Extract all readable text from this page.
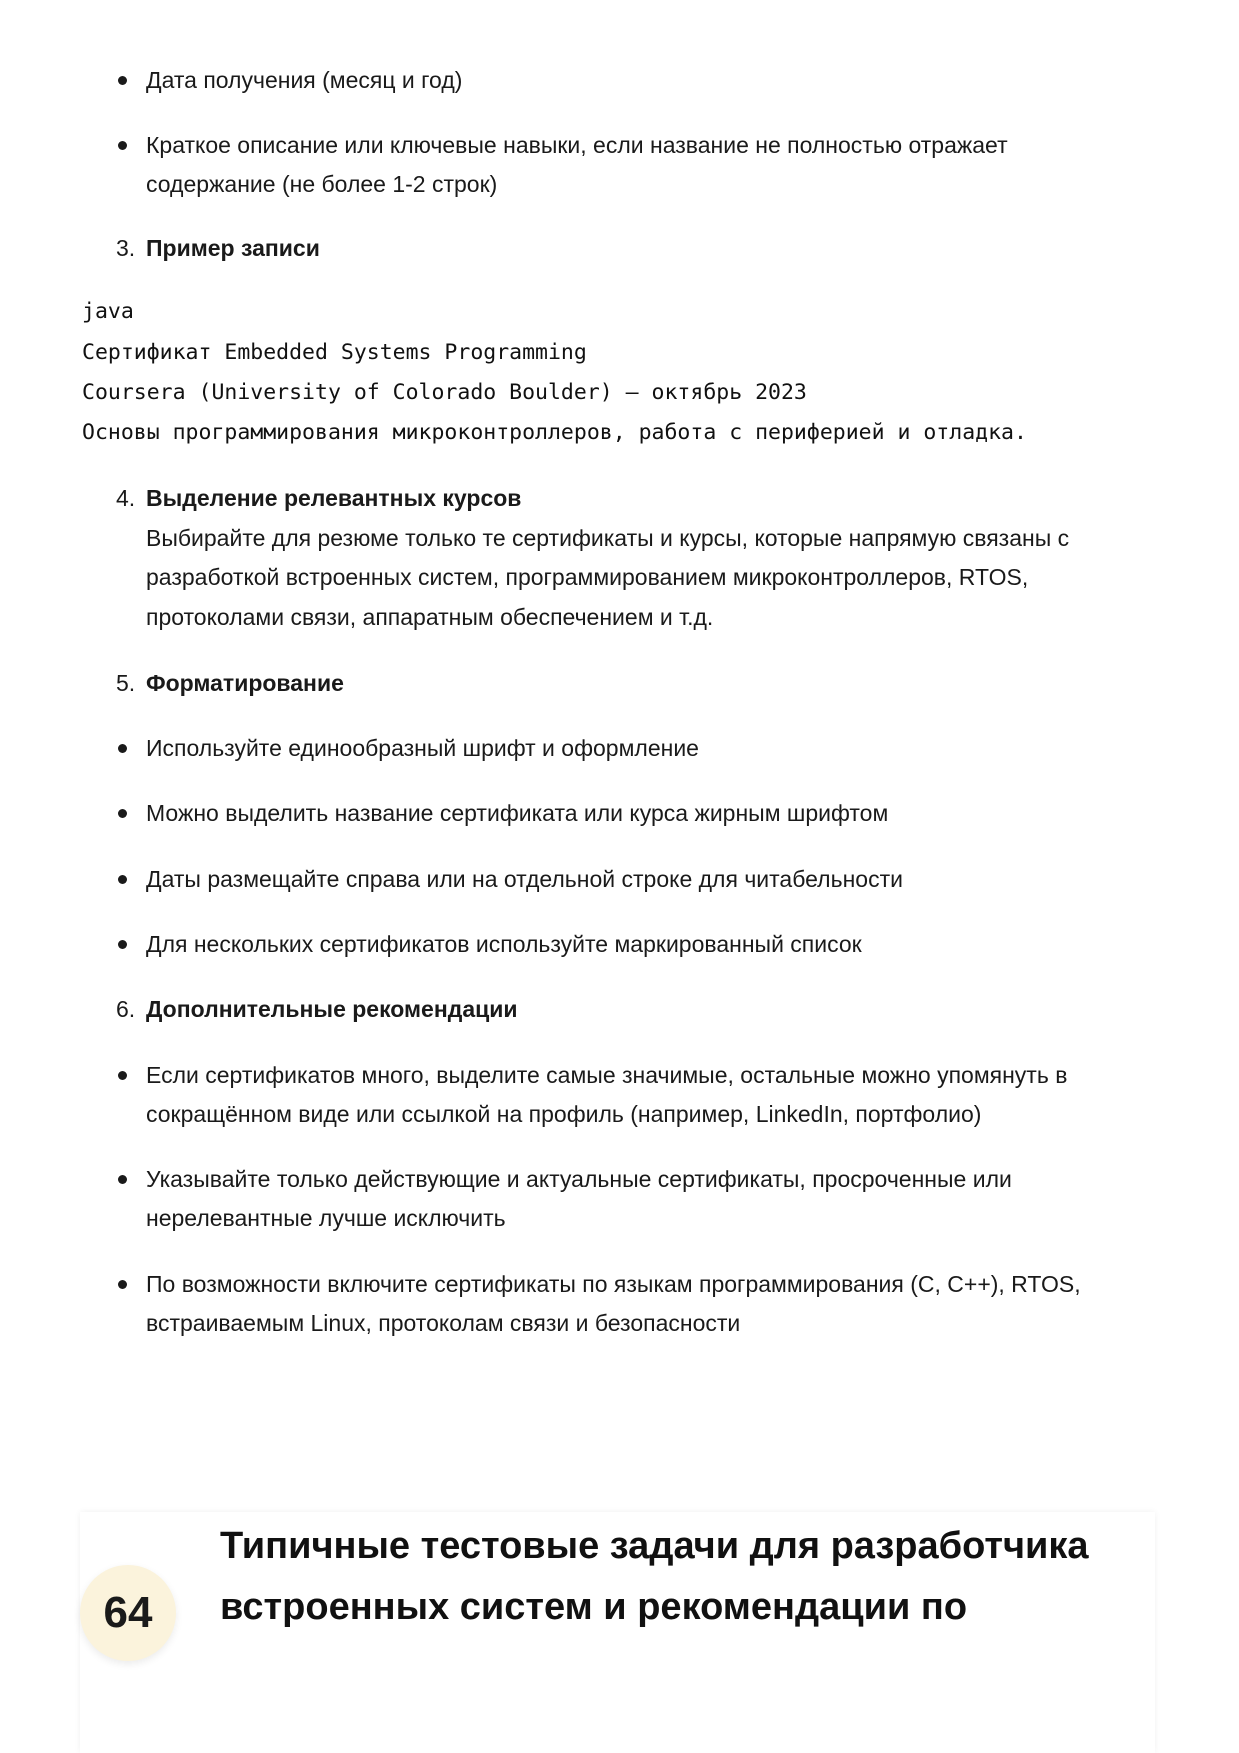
Дата получения (месяц и год)
Краткое описание или ключевые навыки, если название не полностью отражает
содержание (не более 1-2 строк)
3. Пример записи
java
Сертификат Embedded Systems Programming
Coursera (University of Colorado Boulder) — октябрь 2023
Основы программирования микроконтроллеров, работа с периферией и отладка.
4. Выделение релевантных курсов
Выбирайте для резюме только те сертификаты и курсы, которые напрямую связаны с
разработкой встроенных систем, программированием микроконтроллеров, RTOS,
протоколами связи, аппаратным обеспечением и т.д.
5. Форматирование
Используйте единообразный шрифт и оформление
Можно выделить название сертификата или курса жирным шрифтом
Даты размещайте справа или на отдельной строке для читабельности
Для нескольких сертификатов используйте маркированный список
6. Дополнительные рекомендации
Если сертификатов много, выделите самые значимые, остальные можно упомянуть в
сокращённом виде или ссылкой на профиль (например, LinkedIn, портфолио)
Указывайте только действующие и актуальные сертификаты, просроченные или
нерелевантные лучше исключить
По возможности включите сертификаты по языкам программирования (C, C++), RTOS,
встраиваемым Linux, протоколам связи и безопасности
64
Типичные тестовые задачи для разработчика
встроенных систем и рекомендации по
